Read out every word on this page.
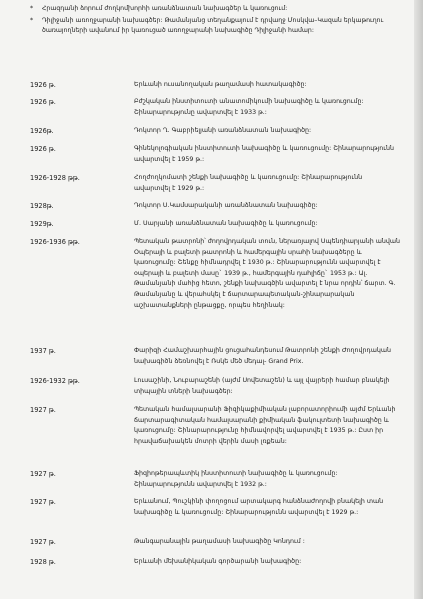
* Հրազդանի ձորում ժողկոմխորհի առանձնատան նախագծեր և կառուցում:
* Դիլիջանի առողջարանի նախագծեր: Թամանյանց տեղանքայում է դրվաղջ Մոսկվա–Կազան երկաթուղու ծառայողների ավանում իր կառուցած առողջարանի նախագիծը Դիլիջանի համար:
1926 թ.	Երևանի ուսանողական թաղամասի հատակագիծը:
1926 թ.	Բժշկական ինստիտուտի անատոմիկումի նախագիծը և կառուցումը: Շինարարությունը ավարտվել է 1933 թ.:
1926թ.	Դոկտոր Ղ. Գաբրիելյանի առանձնատան նախագիծը:
1926 թ.	Գինեկոլոգիական ինստիտուտի նախագիծը և կառուցումը: Շինարարությունն ավարտվել է 1959 թ.:
1926-1928 թթ.	Հողժողկոմատի շենքի նախագիծը և կառուցումը: Շինարարությունն ավարտվել է 1929 թ.:
1928թ.	Դոկտոր Ս.Կամսարականի առանձնատան նախագիծը:
1929թ.	Մ. Սարյանի առանձնատան նախագիծը և կառուցումը:
1926-1936 թթ.	Պետական թատրոնի՝ ժողովրդական տուն, ներառյալով Սպենդիարյանի անվան Օպերայի և բալետի թատրոնի և համերգային սրահի նախագծերը և կառուցումը: Շենքը հիմնադրվել է 1930 թ.: Շինարարությունն ավարտվել է օպերայի և բալետի մասը` 1939 թ., համերգային դահլիճը` 1953 թ.: Ալ. Թամանյանի մահից հետո, շենքի նախագծին ավարտել է նրա որդին՝ ճարտ. Գ. Թամանյանը և վերահսկել է ճարտարապետական-շինարարական աշխատանքների ընթացքը, որպես հեղինակ:
1937 թ.	Փարիզի Համաշխարհային ցուցահանդեսում Թատրոնի շենքի Ժողովրդական նախագիծն ձեռնովել է Ռսկե մեծ մեդալ- Grand Prix.
1926-1932 թթ.	Լուսաշինի, Նուբարաշենի (այժմ Սովետաշեն) և այլ վայրերի համար բնակելի տիպային տների նախագծեր:
1927 թ.	Պետական համալսարանի Ֆիզիկաքիմիական լաբորատորիումի այժմ Երևանի ճարտարագիտական համալսարանի քիմիական ֆակուլտետի նախագիծը և կառուցումը: Շինարարությունը հիմնավորվել ավարտվել է 1935 թ.: Ըստ իր հրավաճախակեն մոտրի վերին մասի լռքեան:
1927 թ.	Ֆիզիոթերապևտիկ ինստիտուտի նախագիծը և կառուցումը: Շինարարությունն ավարտվել է 1932 թ.:
1927 թ.	Երևանում, Պուշկինի փողոցում արտակարգ հանձնաժողովի բնակելի տան նախագիծը և կառուցումը: Շինարարությունն ավարտվել է 1929 թ.:
1927 թ.	Թանգարանային թաղամասի նախագիծը Կոնդում :
1928 թ.	Երևանի մեխանիկական գործարանի նախագիծը:
